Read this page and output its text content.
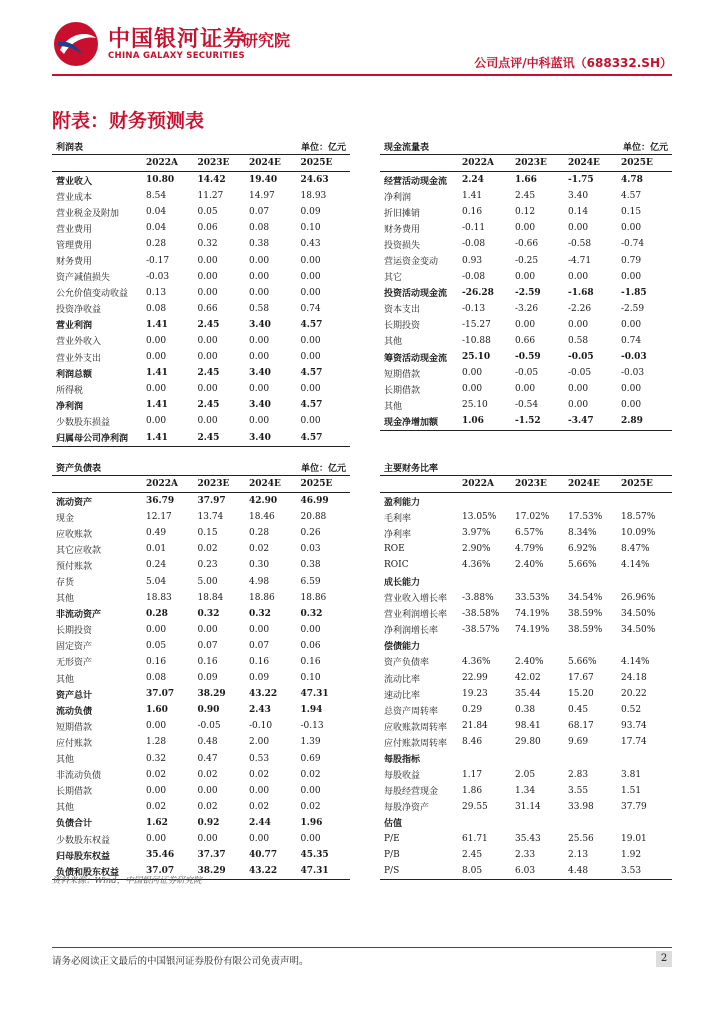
中国银河证券
CHINA GALAXY SECURITIES
研究院
公司点评/中科蓝讯（688332.SH）
附表：财务预测表
利润表	单位：亿元
	2022A	2023E	2024E	2025E
营业收入	10.80	14.42	19.40	24.63
营业成本	8.54	11.27	14.97	18.93
营业税金及附加	0.04	0.05	0.07	0.09
营业费用	0.04	0.06	0.08	0.10
管理费用	0.28	0.32	0.38	0.43
财务费用	-0.17	0.00	0.00	0.00
资产减值损失	-0.03	0.00	0.00	0.00
公允价值变动收益	0.13	0.00	0.00	0.00
投资净收益	0.08	0.66	0.58	0.74
营业利润	1.41	2.45	3.40	4.57
营业外收入	0.00	0.00	0.00	0.00
营业外支出	0.00	0.00	0.00	0.00
利润总额	1.41	2.45	3.40	4.57
所得税	0.00	0.00	0.00	0.00
净利润	1.41	2.45	3.40	4.57
少数股东损益	0.00	0.00	0.00	0.00
归属母公司净利润	1.41	2.45	3.40	4.57
现金流量表	单位：亿元
	2022A	2023E	2024E	2025E
经营活动现金流	2.24	1.66	-1.75	4.78
净利润	1.41	2.45	3.40	4.57
折旧摊销	0.16	0.12	0.14	0.15
财务费用	-0.11	0.00	0.00	0.00
投资损失	-0.08	-0.66	-0.58	-0.74
营运资金变动	0.93	-0.25	-4.71	0.79
其它	-0.08	0.00	0.00	0.00
投资活动现金流	-26.28	-2.59	-1.68	-1.85
资本支出	-0.13	-3.26	-2.26	-2.59
长期投资	-15.27	0.00	0.00	0.00
其他	-10.88	0.66	0.58	0.74
筹资活动现金流	25.10	-0.59	-0.05	-0.03
短期借款	0.00	-0.05	-0.05	-0.03
长期借款	0.00	0.00	0.00	0.00
其他	25.10	-0.54	0.00	0.00
现金净增加额	1.06	-1.52	-3.47	2.89
资产负债表	单位：亿元
	2022A	2023E	2024E	2025E
流动资产	36.79	37.97	42.90	46.99
现金	12.17	13.74	18.46	20.88
应收账款	0.49	0.15	0.28	0.26
其它应收款	0.01	0.02	0.02	0.03
预付账款	0.24	0.23	0.30	0.38
存货	5.04	5.00	4.98	6.59
其他	18.83	18.84	18.86	18.86
非流动资产	0.28	0.32	0.32	0.32
长期投资	0.00	0.00	0.00	0.00
固定资产	0.05	0.07	0.07	0.06
无形资产	0.16	0.16	0.16	0.16
其他	0.08	0.09	0.09	0.10
资产总计	37.07	38.29	43.22	47.31
流动负债	1.60	0.90	2.43	1.94
短期借款	0.00	-0.05	-0.10	-0.13
应付账款	1.28	0.48	2.00	1.39
其他	0.32	0.47	0.53	0.69
非流动负债	0.02	0.02	0.02	0.02
长期借款	0.00	0.00	0.00	0.00
其他	0.02	0.02	0.02	0.02
负债合计	1.62	0.92	2.44	1.96
少数股东权益	0.00	0.00	0.00	0.00
归母股东权益	35.46	37.37	40.77	45.35
负债和股东权益	37.07	38.29	43.22	47.31
主要财务比率
	2022A	2023E	2024E	2025E
盈利能力				
毛利率	13.05%	17.02%	17.53%	18.57%
净利率	3.97%	6.57%	8.34%	10.09%
ROE	2.90%	4.79%	6.92%	8.47%
ROIC	4.36%	2.40%	5.66%	4.14%
成长能力				
营业收入增长率	-3.88%	33.53%	34.54%	26.96%
营业利润增长率	-38.58%	74.19%	38.59%	34.50%
净利润增长率	-38.57%	74.19%	38.59%	34.50%
偿债能力				
资产负债率	4.36%	2.40%	5.66%	4.14%
流动比率	22.99	42.02	17.67	24.18
速动比率	19.23	35.44	15.20	20.22
总资产周转率	0.29	0.38	0.45	0.52
应收账款周转率	21.84	98.41	68.17	93.74
应付账款周转率	8.46	29.80	9.69	17.74
每股指标				
每股收益	1.17	2.05	2.83	3.81
每股经营现金	1.86	1.34	3.55	1.51
每股净资产	29.55	31.14	33.98	37.79
估值				
P/E	61.71	35.43	25.56	19.01
P/B	2.45	2.33	2.13	1.92
P/S	8.05	6.03	4.48	3.53
资料来源：Wind，中国银河证券研究院
请务必阅读正文最后的中国银河证券股份有限公司免责声明。	2
